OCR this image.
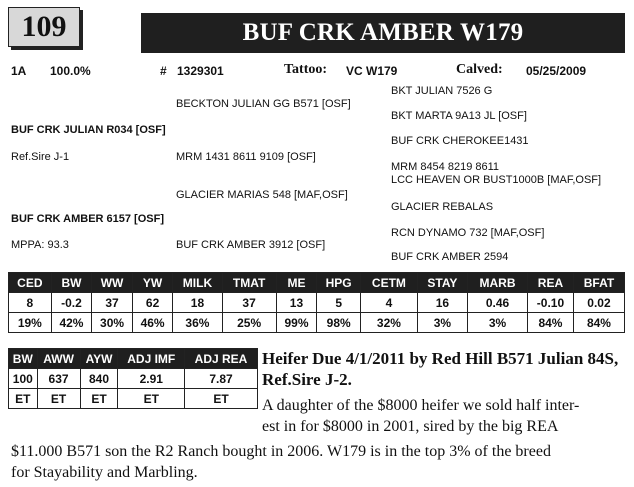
109	BUF CRK AMBER W179
1A 100.0%	# 1329301	Tattoo: VC W179	Calved: 05/25/2009
BKT JULIAN 7526 G
BECKTON JULIAN GG B571 [OSF]
BKT MARTA 9A13 JL [OSF]
BUF CRK JULIAN R034 [OSF]
BUF CRK CHEROKEE1431
Ref.Sire J-1	MRM 1431 8611 9109 [OSF]
MRM 8454 8219 8611
LCC HEAVEN OR BUST1000B [MAF,OSF]
GLACIER MARIAS 548 [MAF,OSF]
GLACIER REBALAS
BUF CRK AMBER 6157 [OSF]
RCN DYNAMO 732 [MAF,OSF]
MPPA: 93.3	BUF CRK AMBER 3912 [OSF]
BUF CRK AMBER 2594
CED	BW	WW	YW	MILK	TMAT	ME	HPG	CETM	STAY	MARB	REA	BFAT
8	-0.2	37	62	18	37	13	5	4	16	0.46	-0.10	0.02
19%	42%	30%	46%	36%	25%	99%	98%	32%	3%	3%	84%	84%
BW	AWW	AYW	ADJ IMF	ADJ REA
100	637	840	2.91	7.87
ET	ET	ET	ET	ET
Heifer Due 4/1/2011 by Red Hill B571 Julian 84S, Ref.Sire J-2.
A daughter of the $8000 heifer we sold half inter-
est in for $8000 in 2001, sired by the big REA
$11.000 B571 son the R2 Ranch bought in 2006. W179 is in the top 3% of the breed
for Stayability and Marbling.
